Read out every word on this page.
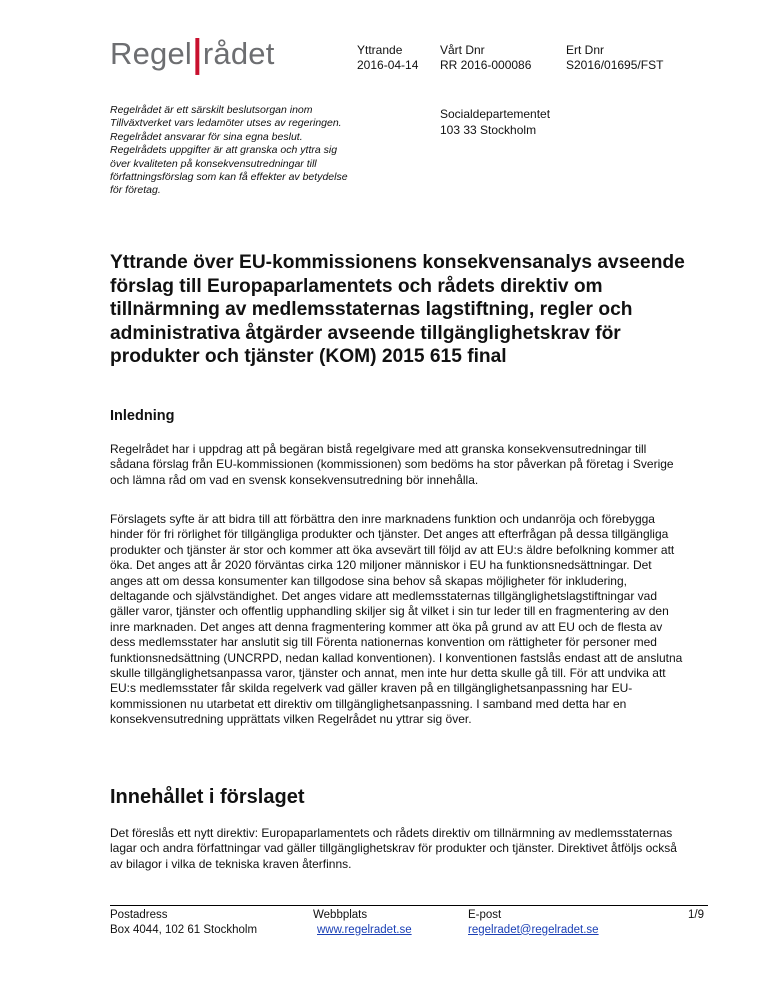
Regel|rådet	Yttrande
2016-04-14
Vårt Dnr
RR 2016-000086
Ert Dnr
S2016/01695/FST
Regelrådet är ett särskilt beslutsorgan inom Tillväxtverket vars ledamöter utses av regeringen. Regelrådet ansvarar för sina egna beslut. Regelrådets uppgifter är att granska och yttra sig över kvaliteten på konsekvensutredningar till författningsförslag som kan få effekter av betydelse för företag.
Socialdepartementet
103 33 Stockholm
Yttrande över EU-kommissionens konsekvensanalys avseende förslag till Europaparlamentets och rådets direktiv om tillnärmning av medlemsstaternas lagstiftning, regler och administrativa åtgärder avseende tillgänglighetskrav för produkter och tjänster (KOM) 2015 615 final
Inledning
Regelrådet har i uppdrag att på begäran bistå regelgivare med att granska konsekvensutredningar till sådana förslag från EU-kommissionen (kommissionen) som bedöms ha stor påverkan på företag i Sverige och lämna råd om vad en svensk konsekvensutredning bör innehålla.
Förslagets syfte är att bidra till att förbättra den inre marknadens funktion och undanröja och förebygga hinder för fri rörlighet för tillgängliga produkter och tjänster. Det anges att efterfrågan på dessa tillgängliga produkter och tjänster är stor och kommer att öka avsevärt till följd av att EU:s äldre befolkning kommer att öka. Det anges att år 2020 förväntas cirka 120 miljoner människor i EU ha funktionsnedsättningar. Det anges att om dessa konsumenter kan tillgodose sina behov så skapas möjligheter för inkludering, deltagande och självständighet. Det anges vidare att medlemsstaternas tillgänglighetslagstiftningar vad gäller varor, tjänster och offentlig upphandling skiljer sig åt vilket i sin tur leder till en fragmentering av den inre marknaden. Det anges att denna fragmentering kommer att öka på grund av att EU och de flesta av dess medlemsstater har anslutit sig till Förenta nationernas konvention om rättigheter för personer med funktionsnedsättning (UNCRPD, nedan kallad konventionen). I konventionen fastslås endast att de anslutna skulle tillgänglighetsanpassa varor, tjänster och annat, men inte hur detta skulle gå till. För att undvika att EU:s medlemsstater får skilda regelverk vad gäller kraven på en tillgänglighetsanpassning har EU-kommissionen nu utarbetat ett direktiv om tillgänglighetsanpassning. I samband med detta har en konsekvensutredning upprättats vilken Regelrådet nu yttrar sig över.
Innehållet i förslaget
Det föreslås ett nytt direktiv: Europaparlamentets och rådets direktiv om tillnärmning av medlemsstaternas lagar och andra författningar vad gäller tillgänglighetskrav för produkter och tjänster. Direktivet åtföljs också av bilagor i vilka de tekniska kraven återfinns.
Postadress
Box 4044, 102 61 Stockholm
Webbplats
www.regelradet.se
E-post
regelradet@regelradet.se
1/9
